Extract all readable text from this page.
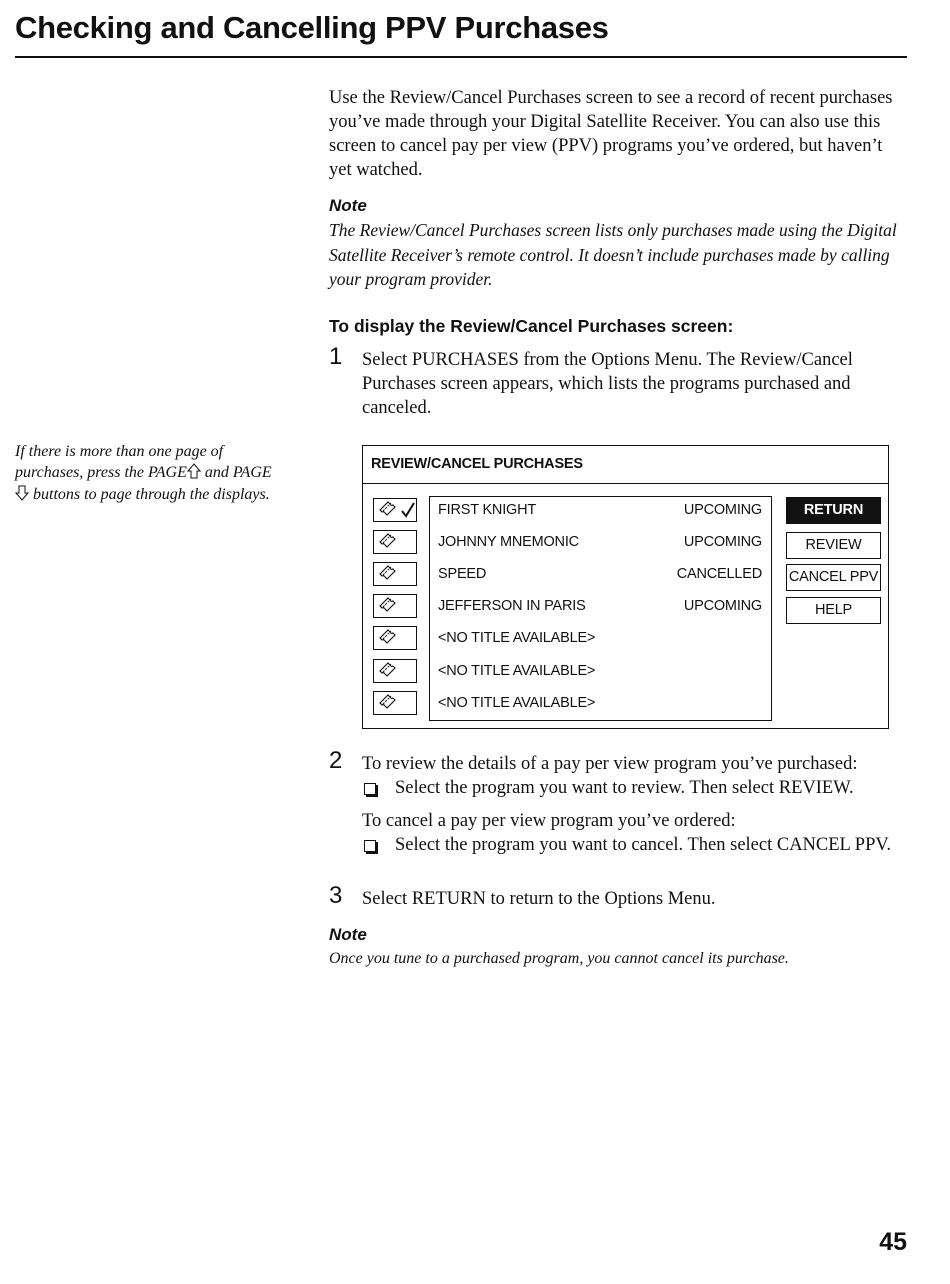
Checking and Cancelling PPV Purchases
If there is more than one page of purchases, press the PAGE and PAGE buttons to page through the displays.

Use the Review/Cancel Purchases screen to see a record of recent purchases you’ve made through your Digital Satellite Receiver. You can also use this screen to cancel pay per view (PPV) programs you’ve ordered, but haven’t yet watched.

Note

The Review/Cancel Purchases screen lists only purchases made using the Digital Satellite Receiver’s remote control. It doesn’t include purchases made by calling your program provider.

To display the Review/Cancel Purchases screen:

1 Select PURCHASES from the Options Menu. The Review/Cancel Purchases screen appears, which lists the programs purchased and canceled.
REVIEW/CANCEL PURCHASES
FIRST KNIGHT	UPCOMING
JOHNNY MNEMONIC	UPCOMING
SPEED	CANCELLED
JEFFERSON IN PARIS	UPCOMING
<NO TITLE AVAILABLE>
<NO TITLE AVAILABLE>
<NO TITLE AVAILABLE>
RETURN
REVIEW
CANCEL PPV
HELP
2 To review the details of a pay per view program you’ve purchased:
Select the program you want to review. Then select REVIEW.
To cancel a pay per view program you’ve ordered:
Select the program you want to cancel. Then select CANCEL PPV.
3 Select RETURN to return to the Options Menu.

Note

Once you tune to a purchased program, you cannot cancel its purchase.

45
